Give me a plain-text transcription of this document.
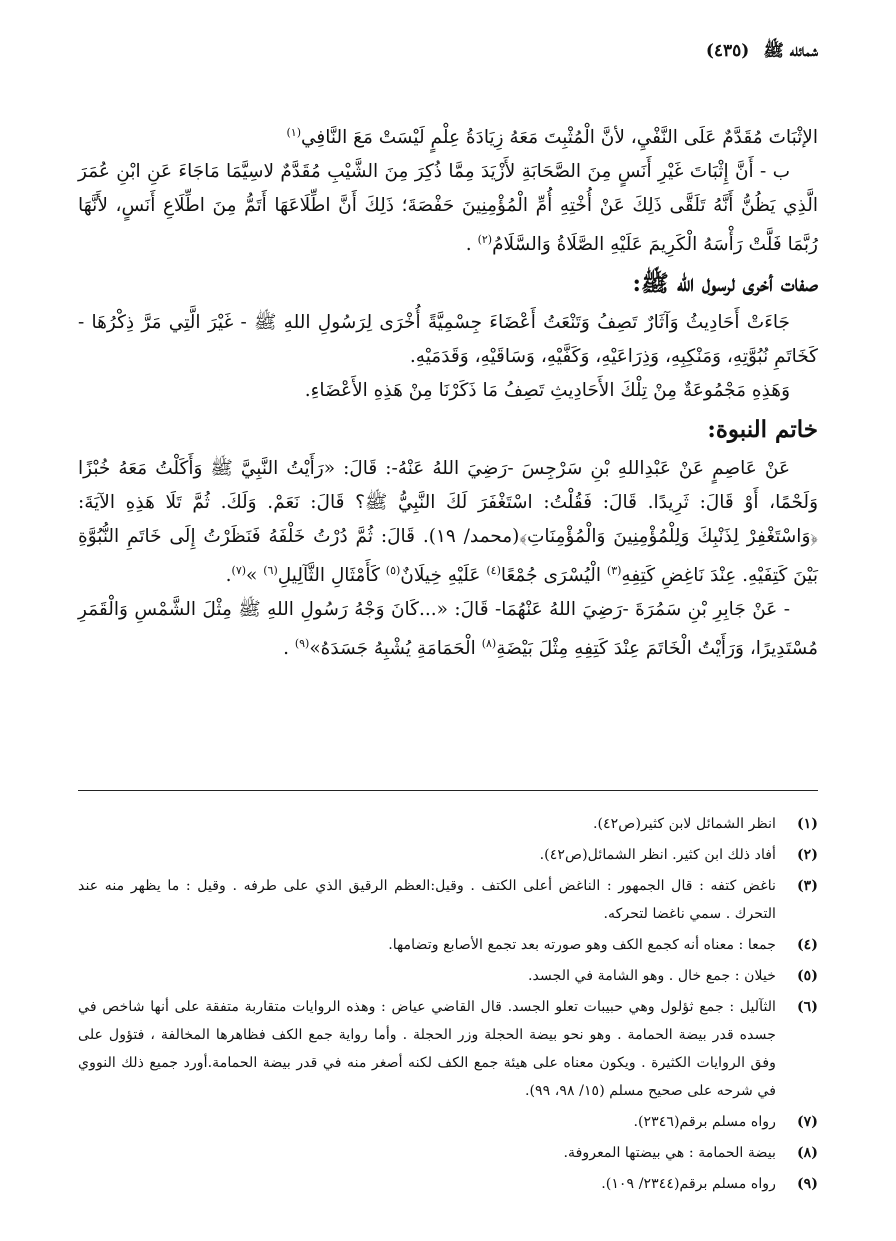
شمائله ﷺ
(٤٣٥)

الإثْبَاتَ مُقَدَّمٌ عَلَى النَّفْيِ، لأنَّ الْمُثْبِتَ مَعَهُ زِيَادَةُ عِلْمٍ لَيْسَتْ مَعَ النَّافِي$^{(١)}$

ب - أَنَّ إِثْبَاتَ غَيْرِ أَنَسٍ مِنَ الصَّحَابَةِ لأَزْيَدَ مِمَّا ذُكِرَ مِنَ الشَّيْبِ مُقَدَّمٌ لاسِيَّمَا مَاجَاءَ عَنِ ابْنِ عُمَرَ الَّذِي يَظُنُّ أَنَّهُ تَلَقَّى ذَلِكَ عَنْ أُخْتِهِ أُمِّ الْمُؤْمِنِينَ حَفْصَةَ؛ ذَلِكَ أَنَّ اطِّلَاعَهَا أَتَمُّ مِنَ اطِّلَاعِ أَنَسٍ، لأَنَّهَا رُبَّمَا فَلَّتْ رَأْسَهُ الْكَرِيمَ عَلَيْهِ الصَّلَاةُ وَالسَّلَامُ$^{(٢)}$ .

صفات أخرى لرسول الله ﷺ:

جَاءَتْ أَحَادِيثُ وَآثَارٌ تَصِفُ وَتَنْعَتُ أَعْضَاءَ جِسْمِيَّةً أُخْرَى لِرَسُولِ اللهِ ﷺ - غَيْرَ الَّتِي مَرَّ ذِكْرُهَا - كَخَاتَمِ نُبُوَّتِهِ، وَمَنْكِبِهِ، وَذِرَاعَيْهِ، وَكَفَّيْهِ، وَسَاقَيْهِ، وَقَدَمَيْهِ.

وَهَذِهِ مَجْمُوعَةٌ مِنْ تِلْكَ الأَحَادِيثِ تَصِفُ مَا ذَكَرْنَا مِنْ هَذِهِ الأَعْضَاءِ.

خاتم النبوة:

عَنْ عَاصِمٍ عَنْ عَبْدِاللهِ بْنِ سَرْجِسَ -رَضِيَ اللهُ عَنْهُ-: قَالَ: «رَأَيْتُ النَّبِيَّ ﷺ وَأَكَلْتُ مَعَهُ خُبْزًا وَلَحْمًا، أَوْ قَالَ: ثَرِيدًا. قَالَ: فَقُلْتُ: اسْتَغْفَرَ لَكَ النَّبِيُّ ﷺ؟ قَالَ: نَعَمْ. وَلَكَ. ثُمَّ تَلَا هَذِهِ الآيَةَ: ﴿وَاسْتَغْفِرْ لِذَنْبِكَ وَلِلْمُؤْمِنِينَ وَالْمُؤْمِنَاتِ﴾(محمد/ ١٩). قَالَ: ثُمَّ دُرْتُ خَلْفَهُ فَنَظَرْتُ إِلَى خَاتَمِ النُّبُوَّةِ بَيْنَ كَتِفَيْهِ. عِنْدَ نَاغِضِ كَتِفِهِ$^{(٣)}$ الْيُسْرَى جُمْعًا$^{(٤)}$ عَلَيْهِ خِيلَانٌ$^{(٥)}$ كَأَمْثَالِ الثَّآلِيلِ$^{(٦)}$ »$^{(٧)}$.

- عَنْ جَابِرِ بْنِ سَمُرَةَ -رَضِيَ اللهُ عَنْهُمَا- قَالَ: «...كَانَ وَجْهُ رَسُولِ اللهِ ﷺ مِثْلَ الشَّمْسِ وَالْقَمَرِ مُسْتَدِيرًا، وَرَأَيْتُ الْخَاتَمَ عِنْدَ كَتِفِهِ مِثْلَ بَيْضَةِ$^{(٨)}$ الْحَمَامَةِ يُشْبِهُ جَسَدَهُ»$^{(٩)}$ .

(١)
انظر الشمائل لابن كثير(ص٤٢).
(٢)
أفاد ذلك ابن كثير. انظر الشمائل(ص٤٢).
(٣)
ناغض كتفه : قال الجمهور : الناغض أعلى الكتف . وقيل:العظم الرقيق الذي على طرفه . وقيل : ما يظهر منه عند التحرك . سمي ناغضا لتحركه.
(٤)
جمعا : معناه أنه كجمع الكف وهو صورته بعد تجمع الأصابع وتضامها.
(٥)
خيلان : جمع خال . وهو الشامة في الجسد.
(٦)
الثآليل : جمع ثؤلول وهي حبيبات تعلو الجسد. قال القاضي عياض : وهذه الروايات متقاربة متفقة على أنها شاخص في جسده قدر بيضة الحمامة . وهو نحو بيضة الحجلة وزر الحجلة . وأما رواية جمع الكف فظاهرها المخالفة ، فتؤول على وفق الروايات الكثيرة . ويكون معناه على هيئة جمع الكف لكنه أصغر منه في قدر بيضة الحمامة.أورد جميع ذلك النووي في شرحه على صحيح مسلم (١٥/ ٩٨، ٩٩).
(٧)
رواه مسلم برقم(٢٣٤٦).
(٨)
بيضة الحمامة : هي بيضتها المعروفة.
(٩)
رواه مسلم برقم(٢٣٤٤/ ١٠٩).
